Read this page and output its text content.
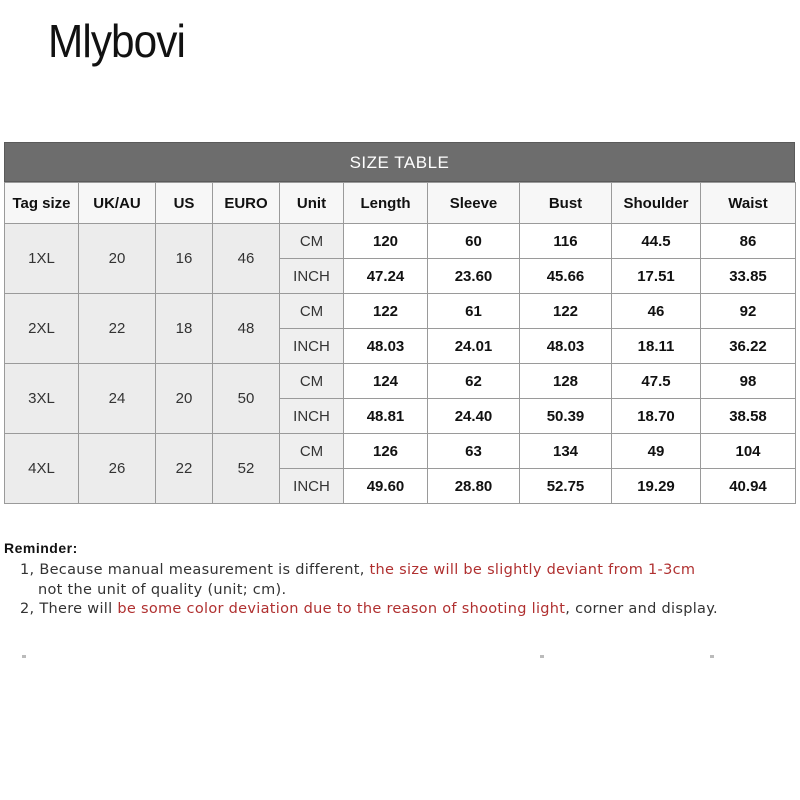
Mlybovi
SIZE TABLE
Tag size	UK/AU	US	EURO	Unit	Length	Sleeve	Bust	Shoulder	Waist
1XL	20	16	46	CM	120	60	116	44.5	86
				INCH	47.24	23.60	45.66	17.51	33.85
2XL	22	18	48	CM	122	61	122	46	92
				INCH	48.03	24.01	48.03	18.11	36.22
3XL	24	20	50	CM	124	62	128	47.5	98
				INCH	48.81	24.40	50.39	18.70	38.58
4XL	26	22	52	CM	126	63	134	49	104
				INCH	49.60	28.80	52.75	19.29	40.94
Reminder:
1, Because manual measurement is different, the size will be slightly deviant from 1-3cm
not the unit of quality (unit; cm).
2, There will be some color deviation due to the reason of shooting light, corner and display.
